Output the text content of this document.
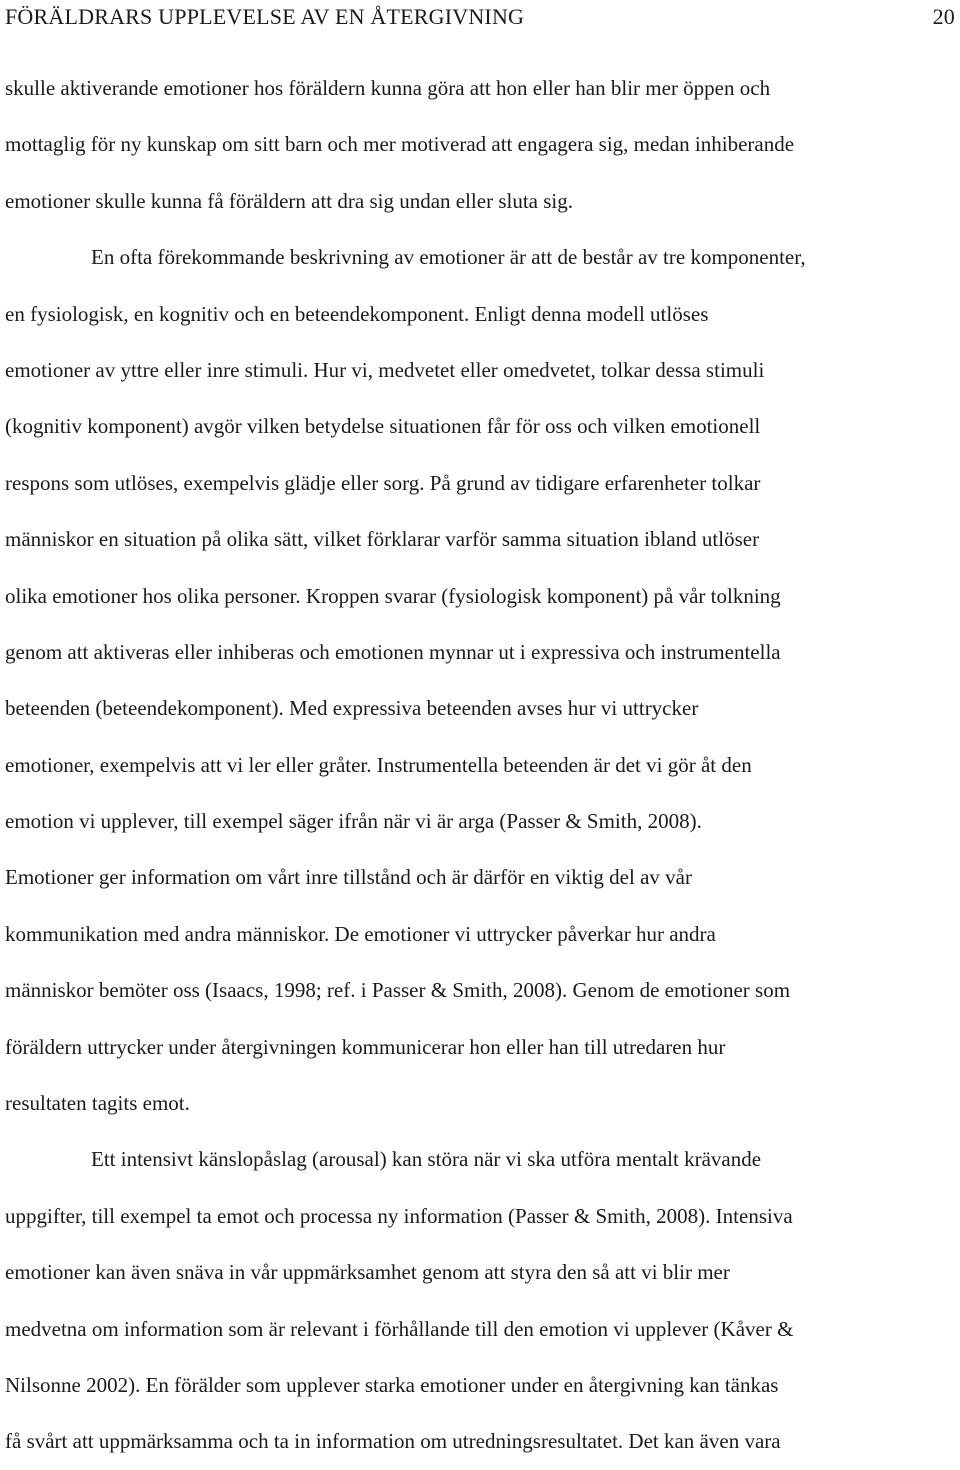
FÖRÄLDRARS UPPLEVELSE AV EN ÅTERGIVNING	20

skulle aktiverande emotioner hos föräldern kunna göra att hon eller han blir mer öppen och
mottaglig för ny kunskap om sitt barn och mer motiverad att engagera sig, medan inhiberande
emotioner skulle kunna få föräldern att dra sig undan eller sluta sig.

En ofta förekommande beskrivning av emotioner är att de består av tre komponenter,
en fysiologisk, en kognitiv och en beteendekomponent. Enligt denna modell utlöses
emotioner av yttre eller inre stimuli. Hur vi, medvetet eller omedvetet, tolkar dessa stimuli
(kognitiv komponent) avgör vilken betydelse situationen får för oss och vilken emotionell
respons som utlöses, exempelvis glädje eller sorg. På grund av tidigare erfarenheter tolkar
människor en situation på olika sätt, vilket förklarar varför samma situation ibland utlöser
olika emotioner hos olika personer. Kroppen svarar (fysiologisk komponent) på vår tolkning
genom att aktiveras eller inhiberas och emotionen mynnar ut i expressiva och instrumentella
beteenden (beteendekomponent). Med expressiva beteenden avses hur vi uttrycker
emotioner, exempelvis att vi ler eller gråter. Instrumentella beteenden är det vi gör åt den
emotion vi upplever, till exempel säger ifrån när vi är arga (Passer & Smith, 2008).
Emotioner ger information om vårt inre tillstånd och är därför en viktig del av vår
kommunikation med andra människor. De emotioner vi uttrycker påverkar hur andra
människor bemöter oss (Isaacs, 1998; ref. i Passer & Smith, 2008). Genom de emotioner som
föräldern uttrycker under återgivningen kommunicerar hon eller han till utredaren hur
resultaten tagits emot.

Ett intensivt känslopåslag (arousal) kan störa när vi ska utföra mentalt krävande
uppgifter, till exempel ta emot och processa ny information (Passer & Smith, 2008). Intensiva
emotioner kan även snäva in vår uppmärksamhet genom att styra den så att vi blir mer
medvetna om information som är relevant i förhållande till den emotion vi upplever (Kåver &
Nilsonne 2002). En förälder som upplever starka emotioner under en återgivning kan tänkas
få svårt att uppmärksamma och ta in information om utredningsresultatet. Det kan även vara
